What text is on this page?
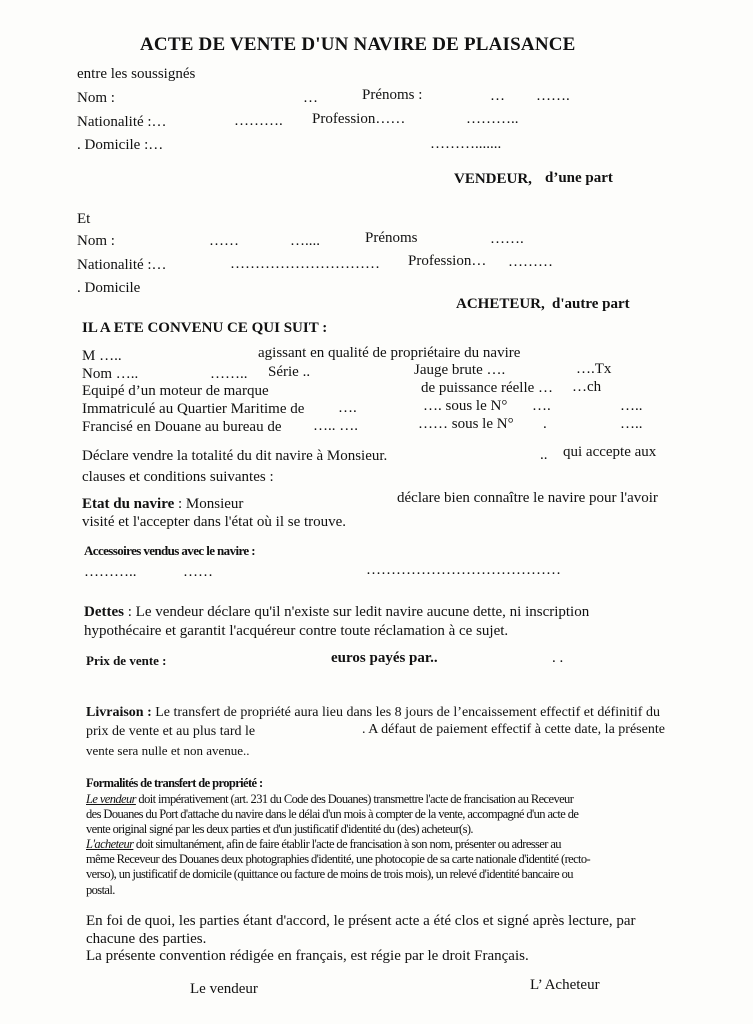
ACTE DE VENTE D'UN NAVIRE DE PLAISANCE
entre les soussignés
Nom :	…	Prénoms :	… …….
Nationalité :…	………. Profession……	………..
. Domicile :…	……….......
VENDEUR, d’une part
Et
Nom :	……	…....	Prénoms	…….
Nationalité :…	………………………… Profession… ………
. Domicile
ACHETEUR, d'autre part
IL A ETE CONVENU CE QUI SUIT :
M …..	agissant en qualité de propriétaire du navire
Nom …..	…….. Série ..	Jauge brute ….	….Tx
Equipé d’un moteur de marque	de puissance réelle … …ch
Immatriculé au Quartier Maritime de ….	…. sous le N° ….	…..
Francisé en Douane au bureau de ….. ….	…… sous le N° .	…..
Déclare vendre la totalité du dit navire à Monsieur.	.. qui accepte aux
clauses et conditions suivantes :
Etat du navire : Monsieur	déclare bien connaître le navire pour l'avoir
visité et l'accepter dans l'état où il se trouve.
Accessoires vendus avec le navire :
………..	……	…………………………………
Dettes : Le vendeur déclare qu'il n'existe sur ledit navire aucune dette, ni inscription
hypothécaire et garantit l'acquéreur contre toute réclamation à ce sujet.
Prix de vente :	euros payés par..	. .
Livraison : Le transfert de propriété aura lieu dans les 8 jours de l’encaissement effectif et définitif du
prix de vente et au plus tard le	. A défaut de paiement effectif à cette date, la présente
vente sera nulle et non avenue..
Formalités de transfert de propriété :
Le vendeur doit impérativement (art. 231 du Code des Douanes) transmettre l'acte de francisation au Receveur
des Douanes du Port d'attache du navire dans le délai d'un mois à compter de la vente, accompagné d'un acte de
vente original signé par les deux parties et d'un justificatif d'identité du (des) acheteur(s).
L'acheteur doit simultanément, afin de faire établir l'acte de francisation à son nom, présenter ou adresser au
même Receveur des Douanes deux photographies d'identité, une photocopie de sa carte nationale d'identité (recto-
verso), un justificatif de domicile (quittance ou facture de moins de trois mois), un relevé d'identité bancaire ou
postal.
En foi de quoi, les parties étant d'accord, le présent acte a été clos et signé après lecture, par
chacune des parties.
La présente convention rédigée en français, est régie par le droit Français.
Le vendeur	L’ Acheteur
